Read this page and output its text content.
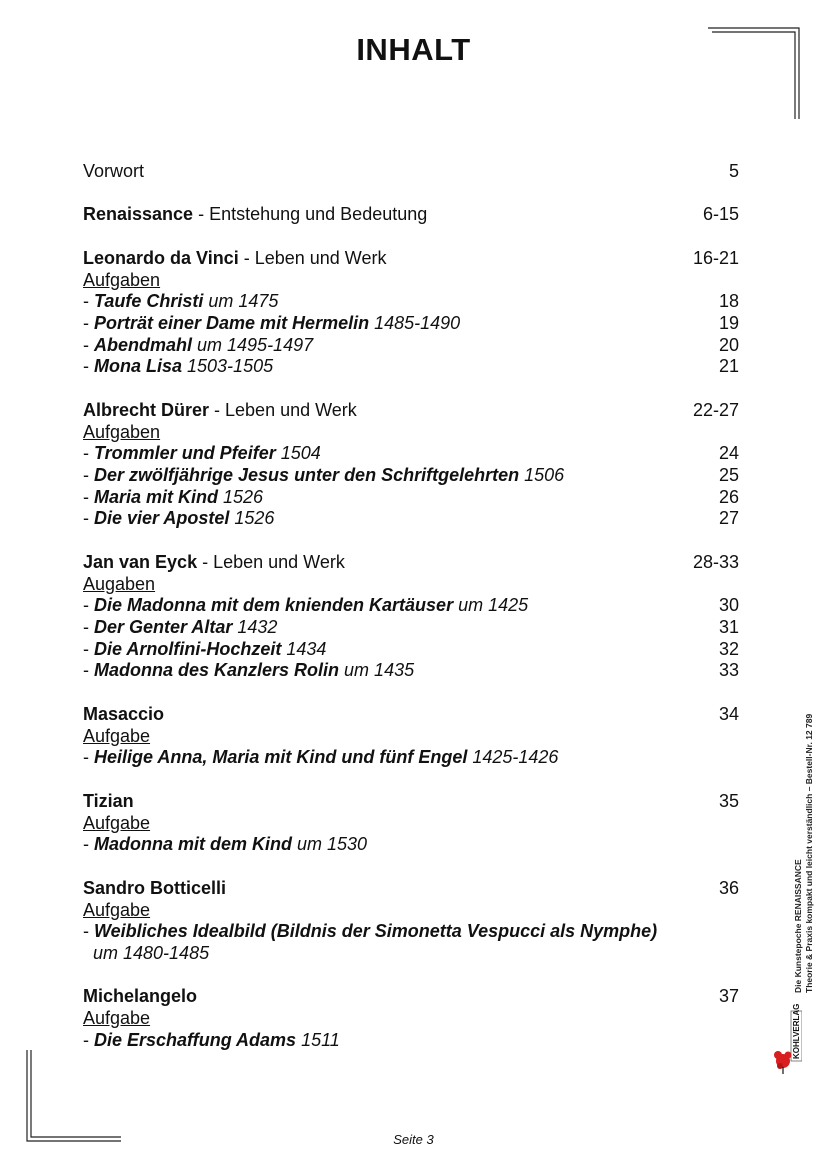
INHALT
Vorwort	5
Renaissance - Entstehung und Bedeutung	6-15
Leonardo da Vinci - Leben und Werk	16-21
Aufgaben
- Taufe Christi um 1475	18
- Porträt einer Dame mit Hermelin 1485-1490	19
- Abendmahl um 1495-1497	20
- Mona Lisa 1503-1505	21
Albrecht Dürer - Leben und Werk	22-27
Aufgaben
- Trommler und Pfeifer 1504	24
- Der zwölfjährige Jesus unter den Schriftgelehrten 1506	25
- Maria mit Kind 1526	26
- Die vier Apostel 1526	27
Jan van Eyck - Leben und Werk	28-33
Augaben
- Die Madonna mit dem knienden Kartäuser um 1425	30
- Der Genter Altar 1432	31
- Die Arnolfini-Hochzeit 1434	32
- Madonna des Kanzlers Rolin um 1435	33
Masaccio	34
Aufgabe
- Heilige Anna, Maria mit Kind und fünf Engel 1425-1426
Tizian	35
Aufgabe
- Madonna mit dem Kind um 1530
Sandro Botticelli	36
Aufgabe
- Weibliches Idealbild (Bildnis der Simonetta Vespucci als Nymphe)
um 1480-1485
Michelangelo	37
Aufgabe
- Die Erschaffung Adams 1511
Die Kunstepoche RENAISSANCE Theorie & Praxis kompakt und leicht verständlich – Bestell-Nr. 12 789
KOHLVERLAG
Seite 3
